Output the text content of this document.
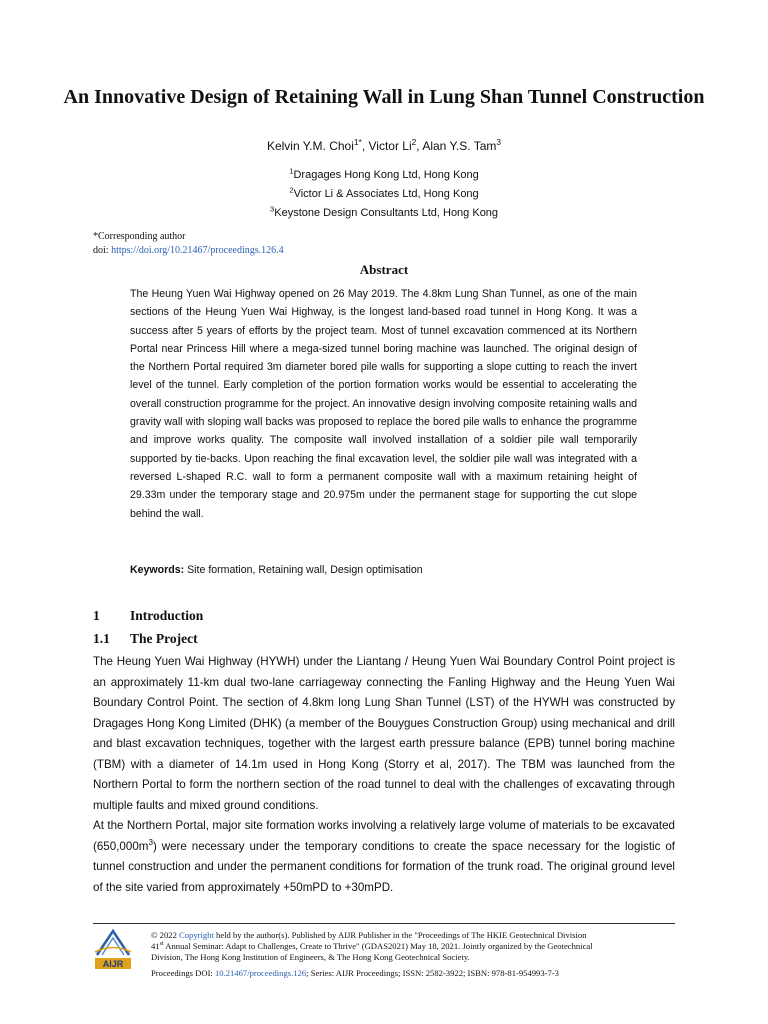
An Innovative Design of Retaining Wall in Lung Shan Tunnel Construction
Kelvin Y.M. Choi$^{1*}$, Victor Li$^2$, Alan Y.S. Tam$^3$
$^1$Dragages Hong Kong Ltd, Hong Kong
$^2$Victor Li & Associates Ltd, Hong Kong
$^3$Keystone Design Consultants Ltd, Hong Kong
*Corresponding author
doi: https://doi.org/10.21467/proceedings.126.4
Abstract

The Heung Yuen Wai Highway opened on 26 May 2019. The 4.8km Lung Shan Tunnel, as one of the main sections of the Heung Yuen Wai Highway, is the longest land-based road tunnel in Hong Kong. It was a success after 5 years of efforts by the project team. Most of tunnel excavation commenced at its Northern Portal near Princess Hill where a mega-sized tunnel boring machine was launched. The original design of the Northern Portal required 3m diameter bored pile walls for supporting a slope cutting to reach the invert level of the tunnel. Early completion of the portion formation works would be essential to accelerating the overall construction programme for the project. An innovative design involving composite retaining walls and gravity wall with sloping wall backs was proposed to replace the bored pile walls to enhance the programme and improve works quality. The composite wall involved installation of a soldier pile wall temporarily supported by tie-backs. Upon reaching the final excavation level, the soldier pile wall was integrated with a reversed L-shaped R.C. wall to form a permanent composite wall with a maximum retaining height of 29.33m under the temporary stage and 20.975m under the permanent stage for supporting the cut slope behind the wall.

Keywords: Site formation, Retaining wall, Design optimisation
1 Introduction
1.1 The Project

The Heung Yuen Wai Highway (HYWH) under the Liantang / Heung Yuen Wai Boundary Control Point project is an approximately 11-km dual two-lane carriageway connecting the Fanling Highway and the Heung Yuen Wai Boundary Control Point. The section of 4.8km long Lung Shan Tunnel (LST) of the HYWH was constructed by Dragages Hong Kong Limited (DHK) (a member of the Bouygues Construction Group) using mechanical and drill and blast excavation techniques, together with the largest earth pressure balance (EPB) tunnel boring machine (TBM) with a diameter of 14.1m used in Hong Kong (Storry et al, 2017). The TBM was launched from the Northern Portal to form the northern section of the road tunnel to deal with the challenges of excavating through multiple faults and mixed ground conditions.

At the Northern Portal, major site formation works involving a relatively large volume of materials to be excavated $(650,000m^3)$ were necessary under the temporary conditions to create the space necessary for the logistic of tunnel construction and under the permanent conditions for formation of the trunk road. The original ground level of the site varied from approximately +50mPD to +30mPD.

AIJR
© 2022 Copyright held by the author(s). Published by AIJR Publisher in the "Proceedings of The HKIE Geotechnical Division
41st Annual Seminar: Adapt to Challenges, Create to Thrive" (GDAS2021) May 18, 2021. Jointly organized by the Geotechnical
Division, The Hong Kong Institution of Engineers, & The Hong Kong Geotechnical Society.
Proceedings DOI: 10.21467/proceedings.126; Series: AIJR Proceedings; ISSN: 2582-3922; ISBN: 978-81-954993-7-3
